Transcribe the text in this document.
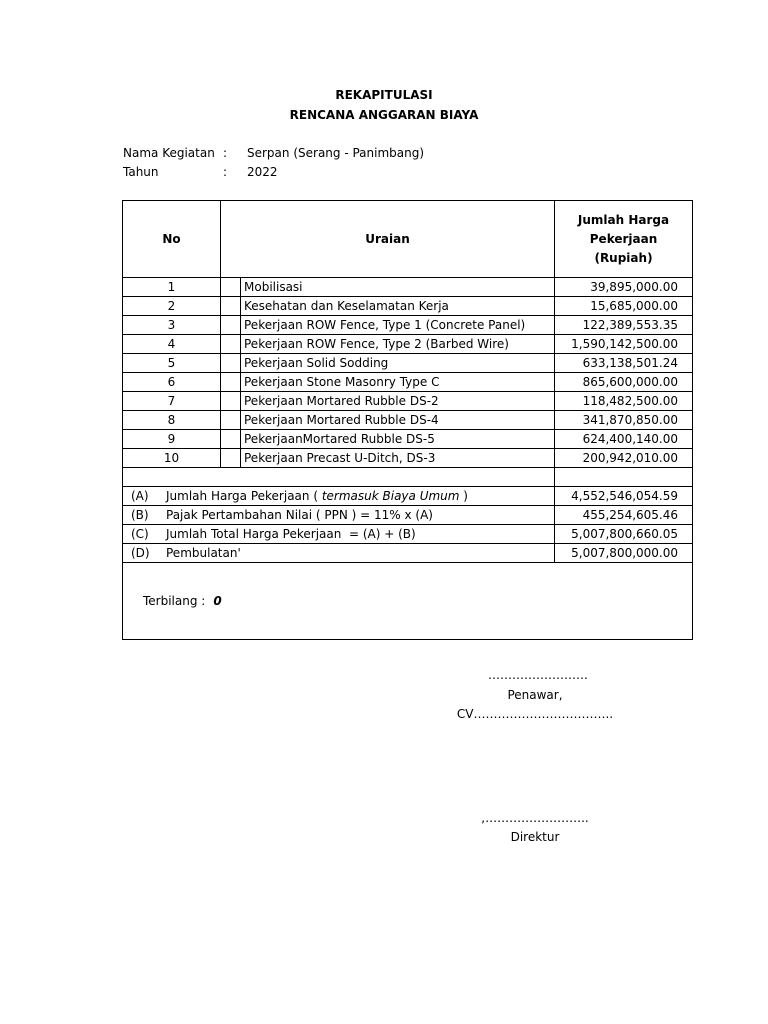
REKAPITULASI
RENCANA ANGGARAN BIAYA
Nama Kegiatan : Serpan (Serang - Panimbang)
Tahun	: 2022
No	Uraian		Jumlah Harga
Pekerjaan
(Rupiah)
1		Mobilisasi	39,895,000.00
2		Kesehatan dan Keselamatan Kerja	15,685,000.00
3		Pekerjaan ROW Fence, Type 1 (Concrete Panel)	122,389,553.35
4		Pekerjaan ROW Fence, Type 2 (Barbed Wire)	1,590,142,500.00
5		Pekerjaan Solid Sodding	633,138,501.24
6		Pekerjaan Stone Masonry Type C	865,600,000.00
7		Pekerjaan Mortared Rubble DS-2	118,482,500.00
8		Pekerjaan Mortared Rubble DS-4	341,870,850.00
9		PekerjaanMortared Rubble DS-5	624,400,140.00
10		Pekerjaan Precast U-Ditch, DS-3	200,942,010.00

(A) Jumlah Harga Pekerjaan ( termasuk Biaya Umum )			4,552,546,054.59
(B) Pajak Pertambahan Nilai ( PPN ) = 11% x (A)			455,254,605.46
(C) Jumlah Total Harga Pekerjaan  = (A) + (B)			5,007,800,660.05
(D) Pembulatan'			5,007,800,000.00
Terbilang : 0			
…………………….
Penawar,
CV……………………………..
,……………………..
Direktur
